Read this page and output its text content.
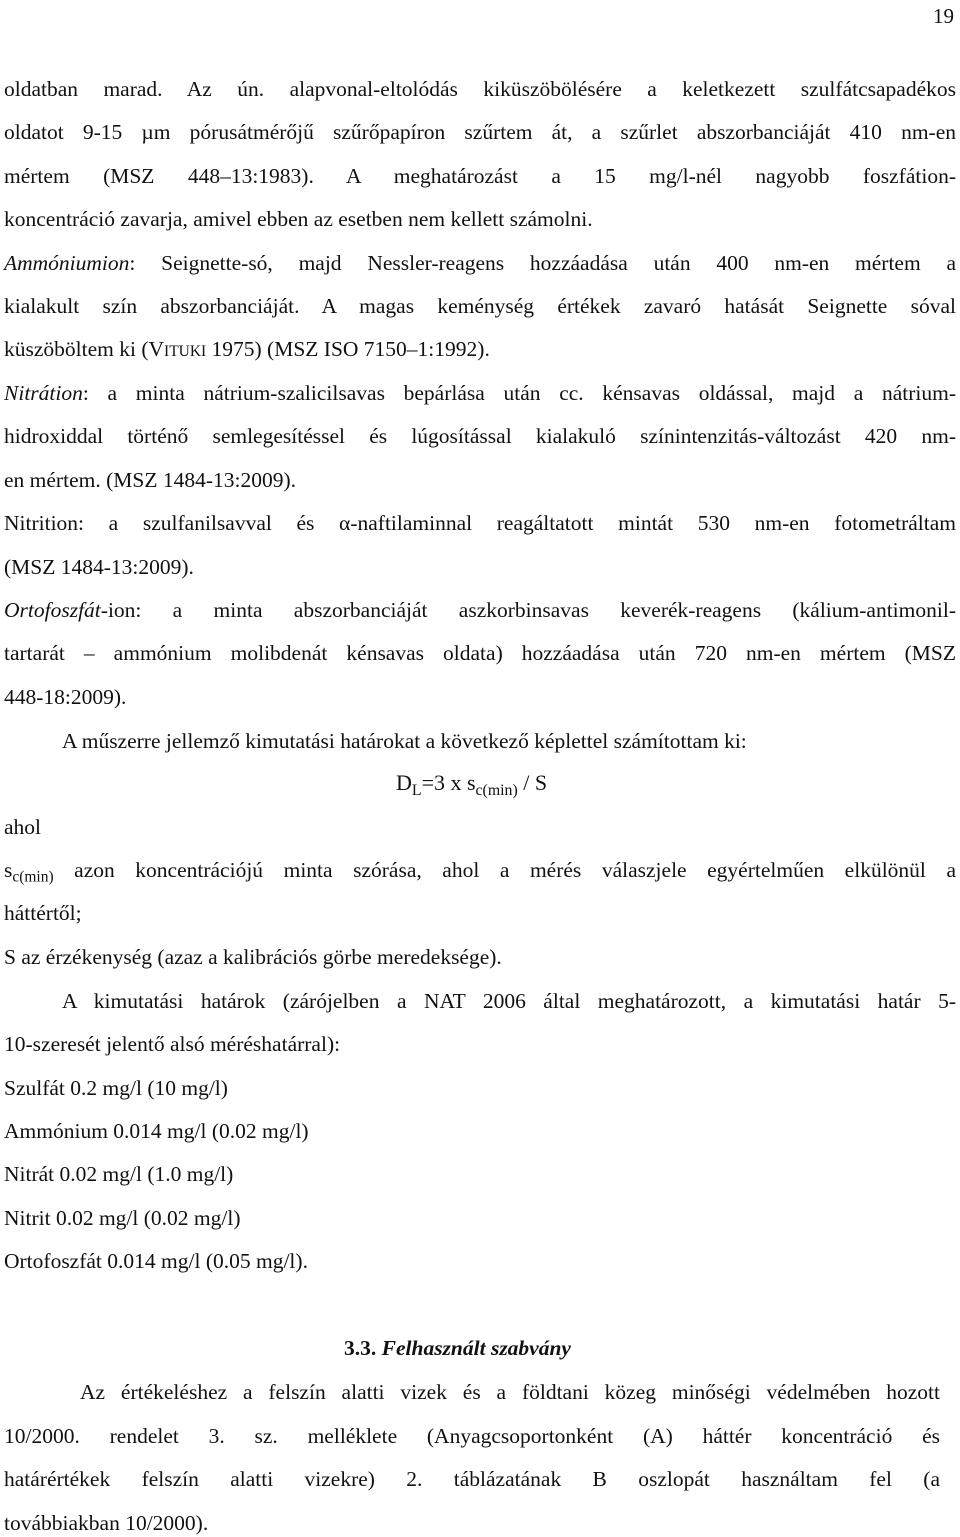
19
oldatban marad. Az ún. alapvonal-eltolódás kiküszöbölésére a keletkezett szulfátcsapadékos
oldatot 9-15 µm pórusátmérőjű szűrőpapíron szűrtem át, a szűrlet abszorbanciáját 410 nm-en
mértem (MSZ 448–13:1983). A meghatározást a 15 mg/l-nél nagyobb foszfátion-
koncentráció zavarja, amivel ebben az esetben nem kellett számolni.
Ammóniumion: Seignette-só, majd Nessler-reagens hozzáadása után 400 nm-en mértem a
kialakult szín abszorbanciáját. A magas keménység értékek zavaró hatását Seignette sóval
küszöböltem ki (VITUKI 1975) (MSZ ISO 7150–1:1992).
Nitrátion: a minta nátrium-szalicilsavas bepárlása után cc. kénsavas oldással, majd a nátrium-
hidroxiddal történő semlegesítéssel és lúgosítással kialakuló színintenzitás-változást 420 nm-
en mértem. (MSZ 1484-13:2009).
Nitrition: a szulfanilsavval és α-naftilaminnal reagáltatott mintát 530 nm-en fotometráltam
(MSZ 1484-13:2009).
Ortofoszfát-ion: a minta abszorbanciáját aszkorbinsavas keverék-reagens (kálium-antimonil-
tartarát – ammónium molibdenát kénsavas oldata) hozzáadása után 720 nm-en mértem (MSZ
448-18:2009).
A műszerre jellemző kimutatási határokat a következő képlettel számítottam ki:
$D_L=3$ x $s_{c(min)}$ / S
ahol
$s_{c(min)}$ azon koncentrációjú minta szórása, ahol a mérés válaszjele egyértelműen elkülönül a
háttértől;
S az érzékenység (azaz a kalibrációs görbe meredeksége).
A kimutatási határok (zárójelben a NAT 2006 által meghatározott, a kimutatási határ 5-
10-szeresét jelentő alsó méréshatárral):
Szulfát 0.2 mg/l (10 mg/l)
Ammónium 0.014 mg/l (0.02 mg/l)
Nitrát 0.02 mg/l (1.0 mg/l)
Nitrit 0.02 mg/l (0.02 mg/l)
Ortofoszfát 0.014 mg/l (0.05 mg/l).
3.3. Felhasznált szabvány
Az értékeléshez a felszín alatti vizek és a földtani közeg minőségi védelmében hozott
10/2000. rendelet 3. sz. melléklete (Anyagcsoportonként (A) háttér koncentráció és
határértékek felszín alatti vizekre) 2. táblázatának B oszlopát használtam fel (a
továbbiakban 10/2000).
